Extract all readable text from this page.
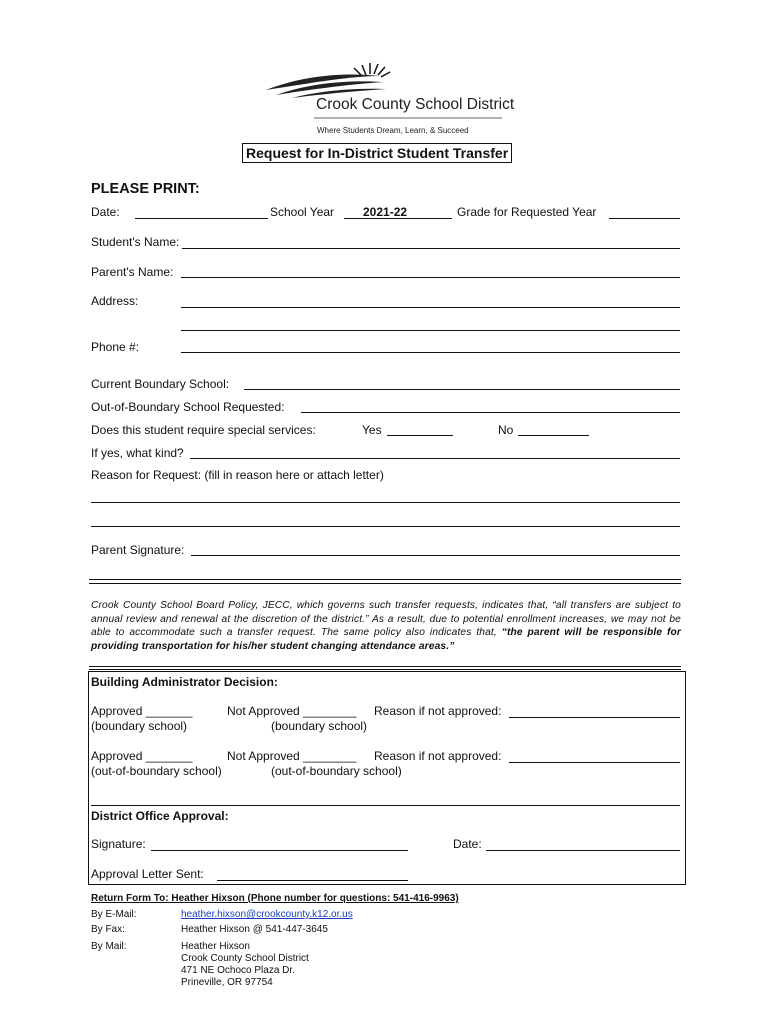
Crook County School District
Where Students Dream, Learn, & Succeed
Request for In-District Student Transfer
PLEASE PRINT:
Date:	School Year 2021-22	Grade for Requested Year
Student's Name:
Parent's Name:
Address:
Phone #:
Current Boundary School:
Out-of-Boundary School Requested:
Does this student require special services:	Yes	No
If yes, what kind?
Reason for Request: (fill in reason here or attach letter)
Parent Signature:
Crook County School Board Policy, JECC, which governs such transfer requests, indicates that, “all transfers are subject to annual review and renewal at the discretion of the district.” As a result, due to potential enrollment increases, we may not be able to accommodate such a transfer request. The same policy also indicates that, “the parent will be responsible for providing transportation for his/her student changing attendance areas.”
Building Administrator Decision:
Approved _______	Not Approved ________ Reason if not approved:
(boundary school)	(boundary school)
Approved _______	Not Approved ________ Reason if not approved:
(out-of-boundary school)	(out-of-boundary school)
District Office Approval:
Signature:	Date:
Approval Letter Sent:
Return Form To: Heather Hixson (Phone number for questions: 541-416-9963)
By E-Mail:	heather.hixson@crookcounty.k12.or.us
By Fax:	Heather Hixson @ 541-447-3645
By Mail:	Heather Hixson
Crook County School District
471 NE Ochoco Plaza Dr.
Prineville, OR 97754
